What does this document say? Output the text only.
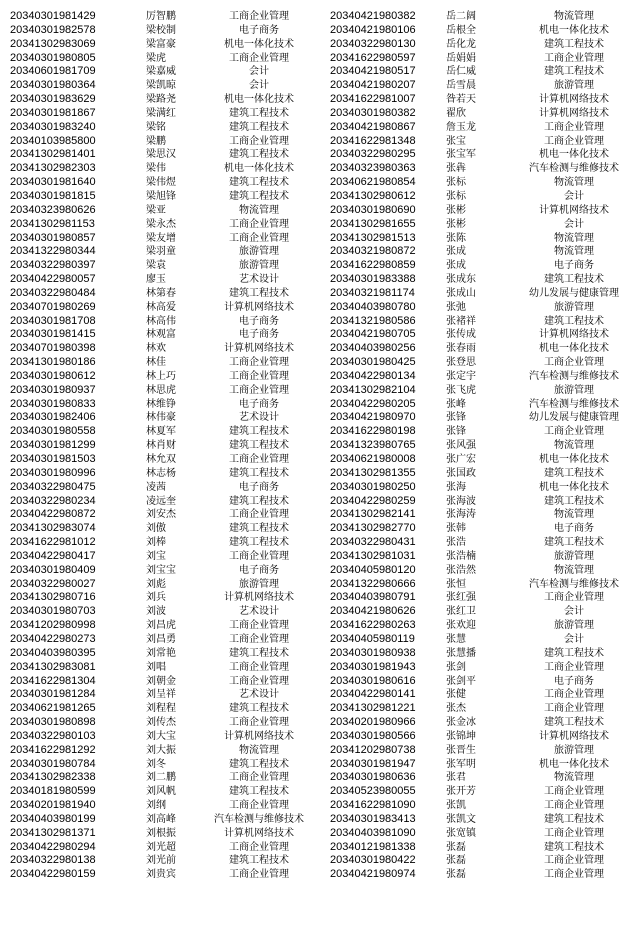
20340301981429	厉智鹏	工商企业管理
20340301982578	梁校制	电子商务
20341302983069	梁富豪	机电一体化技术
20340301980805	梁虎	工商企业管理
20340601981709	梁嘉威	会计
20340301980364	梁凯晾	会计
20340301983629	梁路尧	机电一体化技术
20340301981867	梁满红	建筑工程技术
20340301983240	梁铭	建筑工程技术
20340103985800	梁鹏	工商企业管理
20341302981401	梁思汉	建筑工程技术
20341302982303	梁伟	机电一体化技术
20340301981640	梁伟煜	建筑工程技术
20340301981815	梁旭锋	建筑工程技术
20340323980626	梁亚	物流管理
20341302981153	梁永杰	工商企业管理
20340301980857	梁友增	工商企业管理
20341322980344	梁羽童	旅游管理
20340322980397	梁袁	旅游管理
20340422980057	廖玉	艺术设计
20340322980484	林第春	建筑工程技术
20340701980269	林高爱	计算机网络技术
20340301981708	林高伟	电子商务
20340301981415	林观富	电子商务
20340701980398	林欢	计算机网络技术
20341301980186	林佳	工商企业管理
20340301980612	林上巧	工商企业管理
20340301980937	林思虎	工商企业管理
20340301980833	林维铮	电子商务
20340301982406	林伟豪	艺术设计
20340301980558	林夏军	建筑工程技术
20340301981299	林肖财	建筑工程技术
20340301981503	林允双	工商企业管理
20340301980996	林志杨	建筑工程技术
20340322980475	凌茜	电子商务
20340322980234	凌远奎	建筑工程技术
20340422980872	刘安杰	工商企业管理
20341302983074	刘傲	建筑工程技术
20341622981012	刘棒	建筑工程技术
20340422980417	刘宝	工商企业管理
20340301980409	刘宝宝	电子商务
20340322980027	刘彪	旅游管理
20341302980716	刘兵	计算机网络技术
20340301980703	刘波	艺术设计
20341202980998	刘昌虎	工商企业管理
20340422980273	刘昌勇	工商企业管理
20340403980395	刘常艳	建筑工程技术
20341302983081	刘唱	工商企业管理
20341622981304	刘朝金	工商企业管理
20340301981284	刘呈祥	艺术设计
20340621981265	刘程程	建筑工程技术
20340301980898	刘传杰	工商企业管理
20340322980103	刘大宝	计算机网络技术
20341622981292	刘大振	物流管理
20340301980784	刘冬	建筑工程技术
20341302982338	刘二鹏	工商企业管理
20340181980599	刘风帆	建筑工程技术
20340201981940	刘纲	工商企业管理
20340403980199	刘高峰	汽车检测与维修技术
20341302981371	刘根振	计算机网络技术
20340422980294	刘光超	工商企业管理
20340322980138	刘光前	建筑工程技术
20340422980159	刘贵宾	工商企业管理
20340421980382	岳二阔	物流管理
20340421980106	岳根全	机电一体化技术
20340322980130	岳化龙	建筑工程技术
20341622980597	岳娟娟	工商企业管理
20340421980517	岳仁威	建筑工程技术
20340421980207	岳雪晨	旅游管理
20341622981007	昝若天	计算机网络技术
20340301980382	翟欣	计算机网络技术
20340421980867	詹玉龙	工商企业管理
20341622981348	张宝	工商企业管理
20340322980295	张宝军	机电一体化技术
20340323980363	张犇	汽车检测与维修技术
20340621980854	张标	物流管理
20341302980612	张标	会计
20340301980690	张彬	计算机网络技术
20341302981655	张彬	会计
20341302981513	张陈	物流管理
20340321980872	张成	物流管理
20341622980859	张成	电子商务
20340301983388	张成东	建筑工程技术
20340321981174	张成山	幼儿发展与健康管理
20340403980780	张弛	旅游管理
20341321980586	张褚祥	建筑工程技术
20340421980705	张传成	计算机网络技术
20340403980256	张春雨	机电一体化技术
20340301980425	张登思	工商企业管理
20340422980134	张定宇	汽车检测与维修技术
20341302982104	张飞虎	旅游管理
20340422980205	张峰	汽车检测与维修技术
20340421980970	张锋	幼儿发展与健康管理
20341622980198	张锋	工商企业管理
20341323980765	张风强	物流管理
20340621980008	张广宏	机电一体化技术
20341302981355	张国政	建筑工程技术
20340301980250	张海	机电一体化技术
20340422980259	张海波	建筑工程技术
20341302982141	张海涛	物流管理
20341302982770	张韩	电子商务
20340322980431	张浩	建筑工程技术
20341302981031	张浩楠	旅游管理
20340405980120	张浩然	物流管理
20341322980666	张恒	汽车检测与维修技术
20340403980791	张红强	工商企业管理
20340421980626	张红卫	会计
20341622980263	张欢迎	旅游管理
20340405980119	张慧	会计
20340301980938	张慧播	建筑工程技术
20340301981943	张剑	工商企业管理
20340301980616	张剑平	电子商务
20340422980141	张健	工商企业管理
20341302981221	张杰	工商企业管理
20340201980966	张金冰	建筑工程技术
20340301980566	张锦坤	计算机网络技术
20341202980738	张晋生	旅游管理
20340301981947	张军明	机电一体化技术
20340301980636	张君	物流管理
20340523980055	张开芳	工商企业管理
20341622981090	张凯	工商企业管理
20340301983413	张凯文	建筑工程技术
20340403981090	张宽镇	工商企业管理
20340121981338	张磊	建筑工程技术
20340301980422	张磊	工商企业管理
20340421980974	张磊	工商企业管理
